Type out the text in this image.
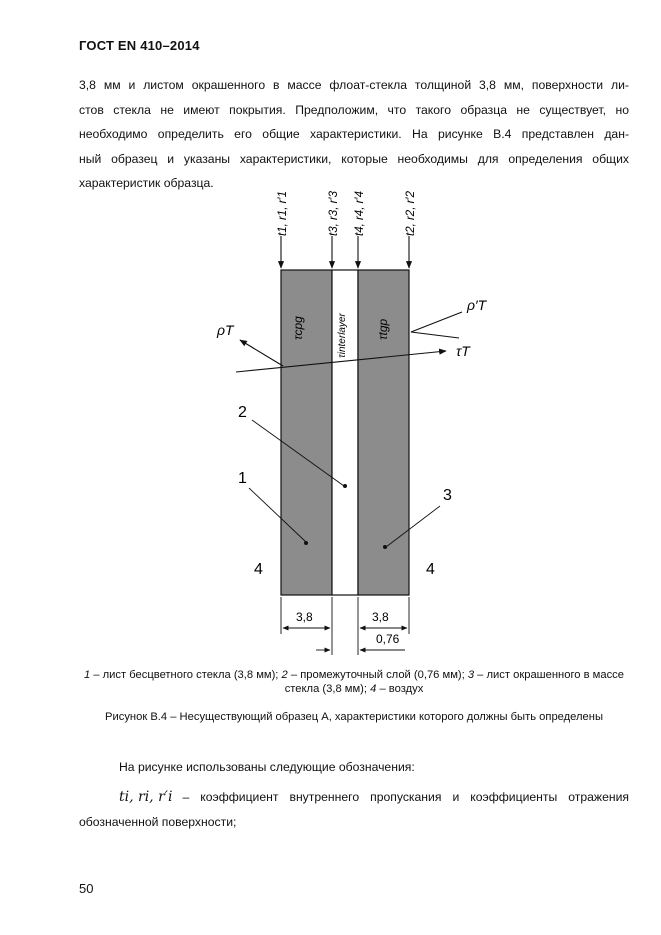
ГОСТ EN 410–2014
3,8 мм и листом окрашенного в массе флоат-стекла толщиной 3,8 мм, поверхности ли-
стов стекла не имеют покрытия. Предположим, что такого образца не существует, но
необходимо определить его общие характеристики. На рисунке В.4 представлен дан-
ный образец и указаны характеристики, которые необходимы для определения общих
характеристик образца.
t1, r1, r′1	t3, r3, r′3 t4, r4, r′4	t2, r2, r′2
τcpg	τinterlayer τtgp
ρT
ρ′T
τT
2
1
3
4	4
3,8	3,8
0,76
1 – лист бесцветного стекла (3,8 мм); 2 – промежуточный слой (0,76 мм); 3 – лист окрашенного в массе стекла (3,8 мм); 4 – воздух
Рисунок В.4 – Несуществующий образец А, характеристики которого должны быть определены
На рисунке использованы следующие обозначения:
ti, ri, r′i – коэффициент внутреннего пропускания и коэффициенты отражения
обозначенной поверхности;
50
